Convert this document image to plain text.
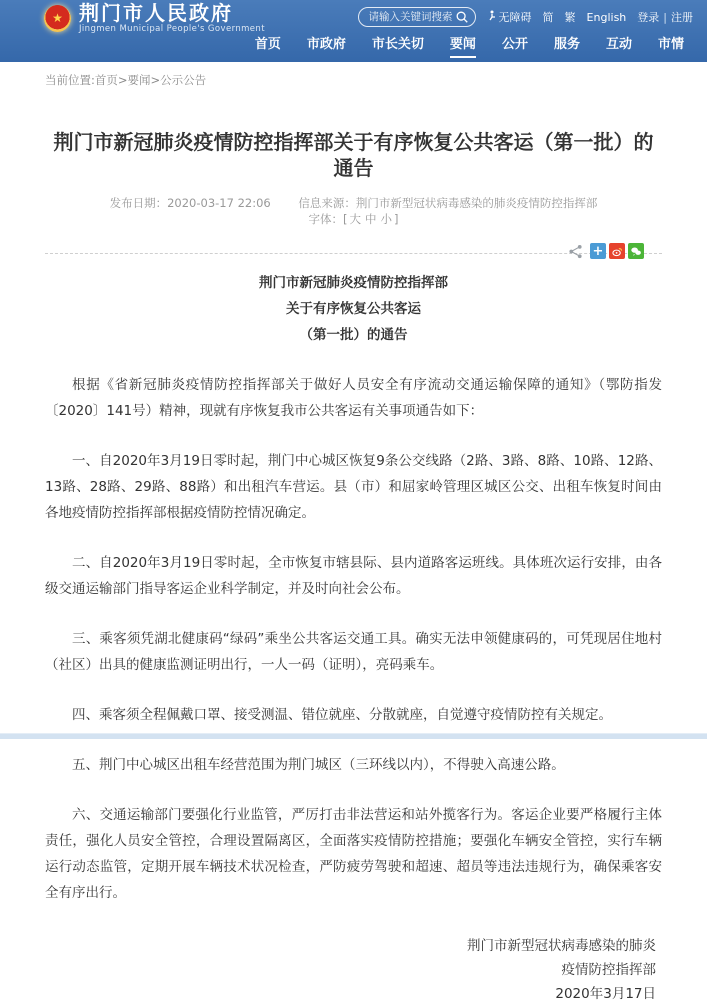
★ 荆门市人民政府
Jingmen Municipal People's Government
请输入关键词搜索
无障碍 简 繁 English 登录 | 注册
首页	市政府	市长关切	要闻	公开	服务	互动	市情
当前位置:首页>要闻>公示公告
荆门市新冠肺炎疫情防控指挥部关于有序恢复公共客运（第一批）的通告
发布日期：2020-03-17 22:06 信息来源：荆门市新型冠状病毒感染的肺炎疫情防控指挥部 字体：[ 大 中 小 ]
+
荆门市新冠肺炎疫情防控指挥部
关于有序恢复公共客运
（第一批）的通告

根据《省新冠肺炎疫情防控指挥部关于做好人员安全有序流动交通运输保障的通知》（鄂防指发〔2020〕141号）精神，现就有序恢复我市公共客运有关事项通告如下：

一、自2020年3月19日零时起，荆门中心城区恢复9条公交线路（2路、3路、8路、10路、12路、13路、28路、29路、88路）和出租汽车营运。县（市）和屈家岭管理区城区公交、出租车恢复时间由各地疫情防控指挥部根据疫情防控情况确定。

二、自2020年3月19日零时起，全市恢复市辖县际、县内道路客运班线。具体班次运行安排，由各级交通运输部门指导客运企业科学制定，并及时向社会公布。

三、乘客须凭湖北健康码“绿码”乘坐公共客运交通工具。确实无法申领健康码的，可凭现居住地村（社区）出具的健康监测证明出行，一人一码（证明），亮码乘车。

四、乘客须全程佩戴口罩、接受测温、错位就座、分散就座，自觉遵守疫情防控有关规定。

五、荆门中心城区出租车经营范围为荆门城区（三环线以内），不得驶入高速公路。

六、交通运输部门要强化行业监管，严厉打击非法营运和站外揽客行为。客运企业要严格履行主体责任，强化人员安全管控，合理设置隔离区，全面落实疫情防控措施；要强化车辆安全管控，实行车辆运行动态监管，定期开展车辆技术状况检查，严防疲劳驾驶和超速、超员等违法违规行为，确保乘客安全有序出行。

荆门市新型冠状病毒感染的肺炎
疫情防控指挥部
2020年3月17日
